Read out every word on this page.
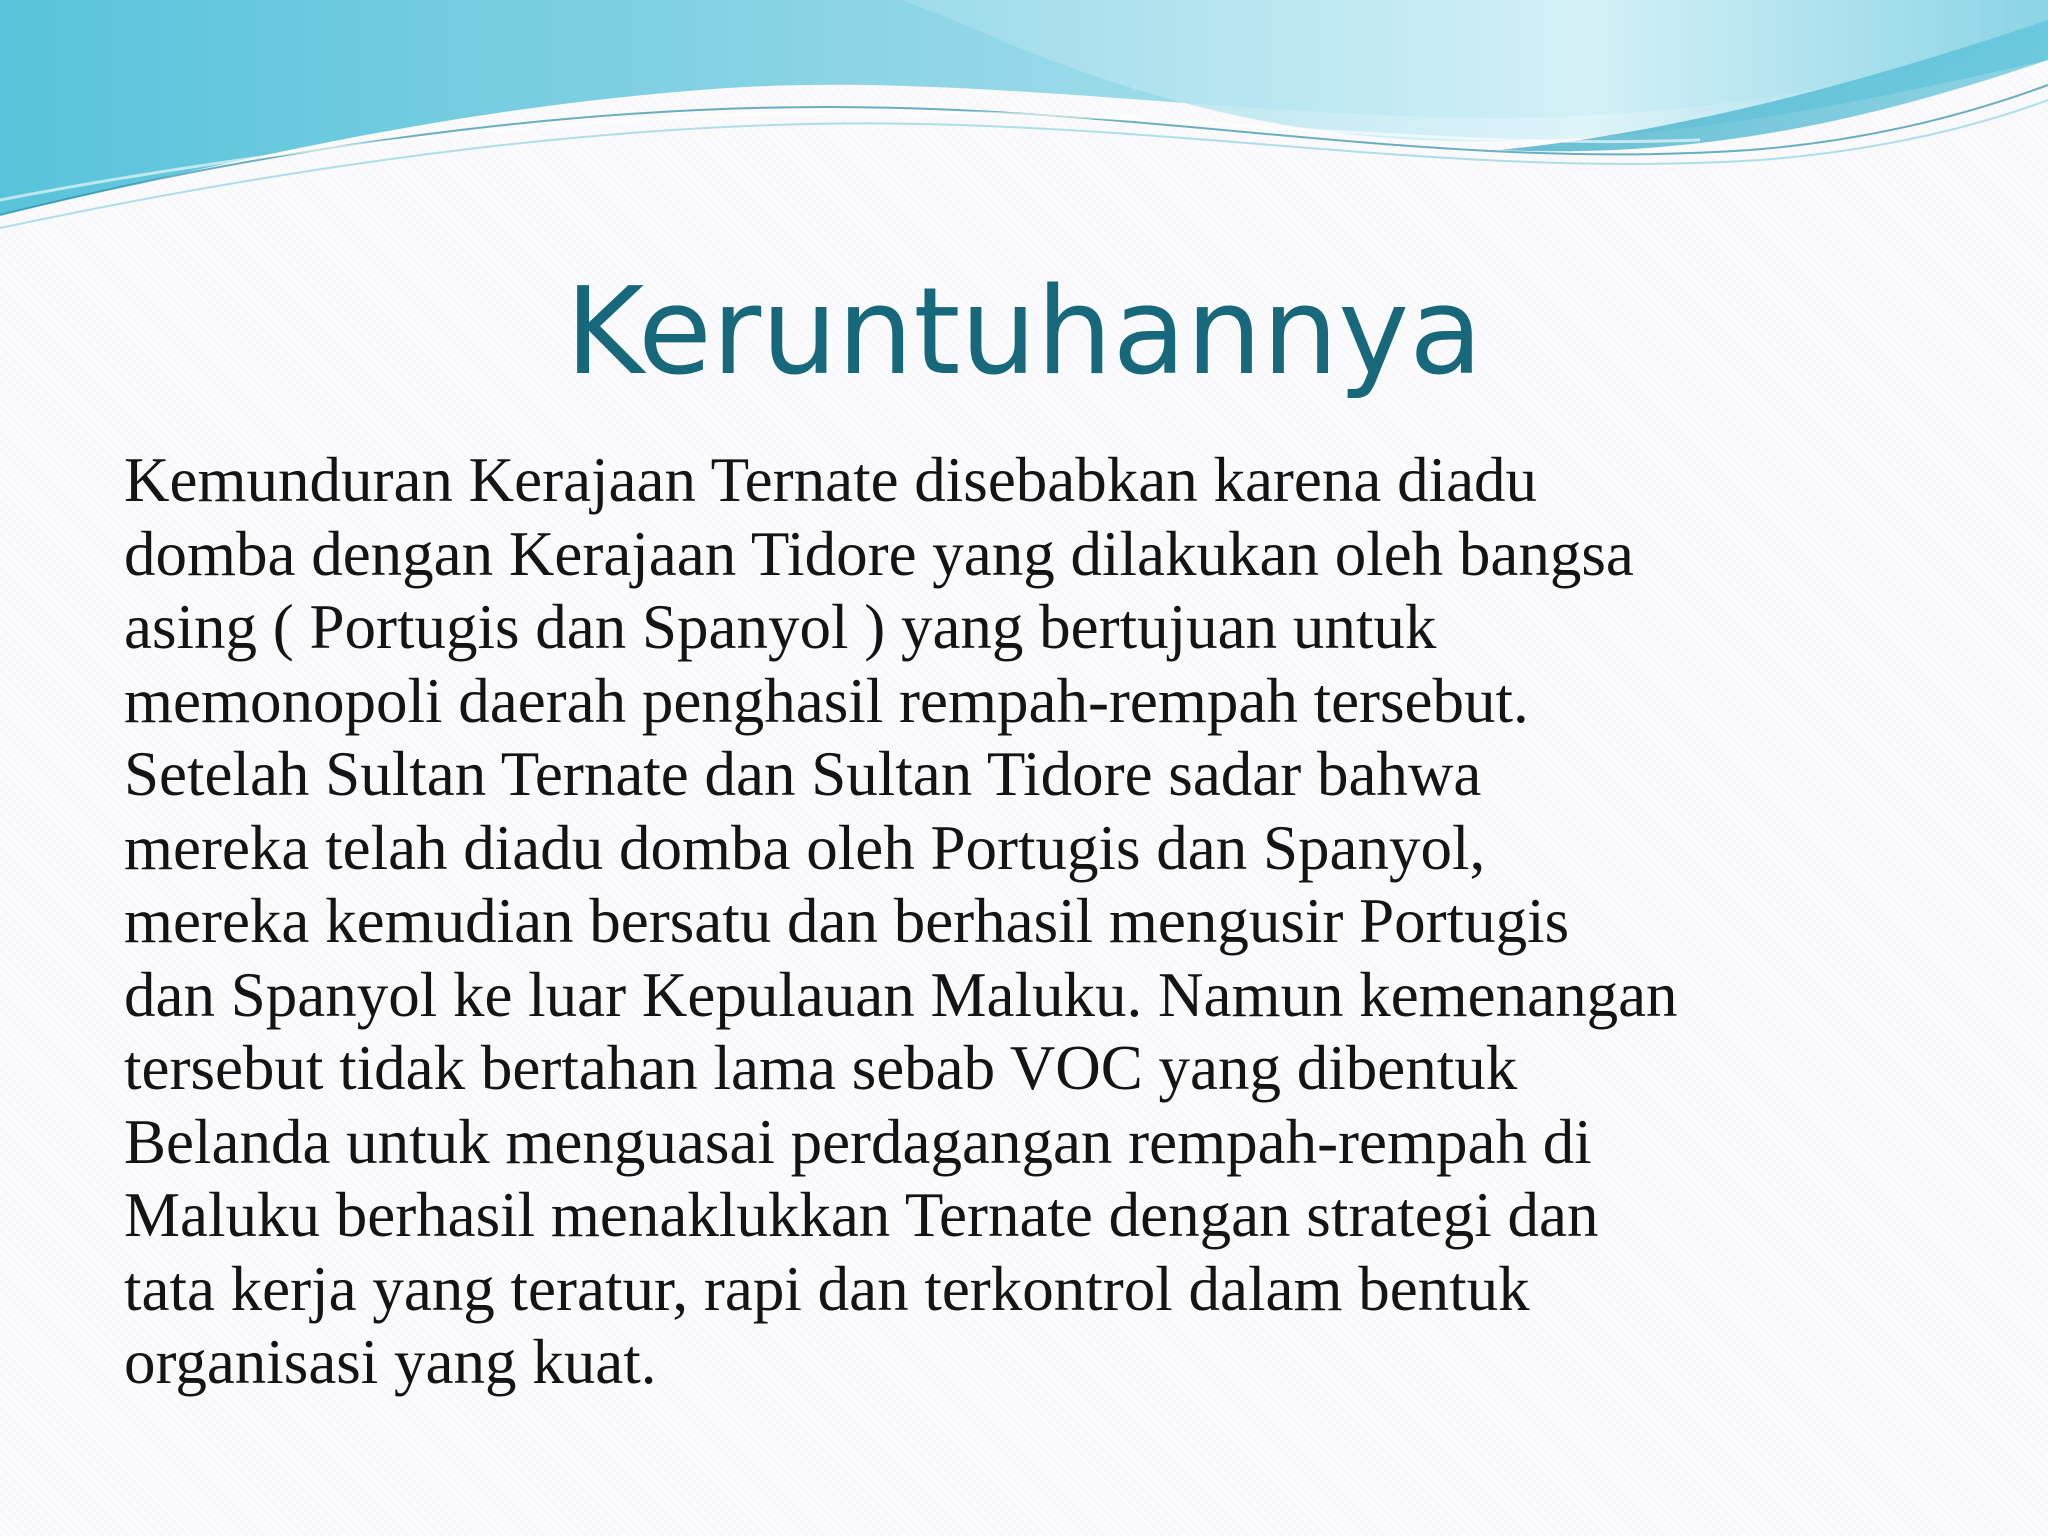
Keruntuhannya
Kemunduran Kerajaan Ternate disebabkan karena diadu
domba dengan Kerajaan Tidore yang dilakukan oleh bangsa
asing ( Portugis dan Spanyol ) yang bertujuan untuk
memonopoli daerah penghasil rempah-rempah tersebut.
Setelah Sultan Ternate dan Sultan Tidore sadar bahwa
mereka telah diadu domba oleh Portugis dan Spanyol,
mereka kemudian bersatu dan berhasil mengusir Portugis
dan Spanyol ke luar Kepulauan Maluku. Namun kemenangan
tersebut tidak bertahan lama sebab VOC yang dibentuk
Belanda untuk menguasai perdagangan rempah-rempah di
Maluku berhasil menaklukkan Ternate dengan strategi dan
tata kerja yang teratur, rapi dan terkontrol dalam bentuk
organisasi yang kuat.
